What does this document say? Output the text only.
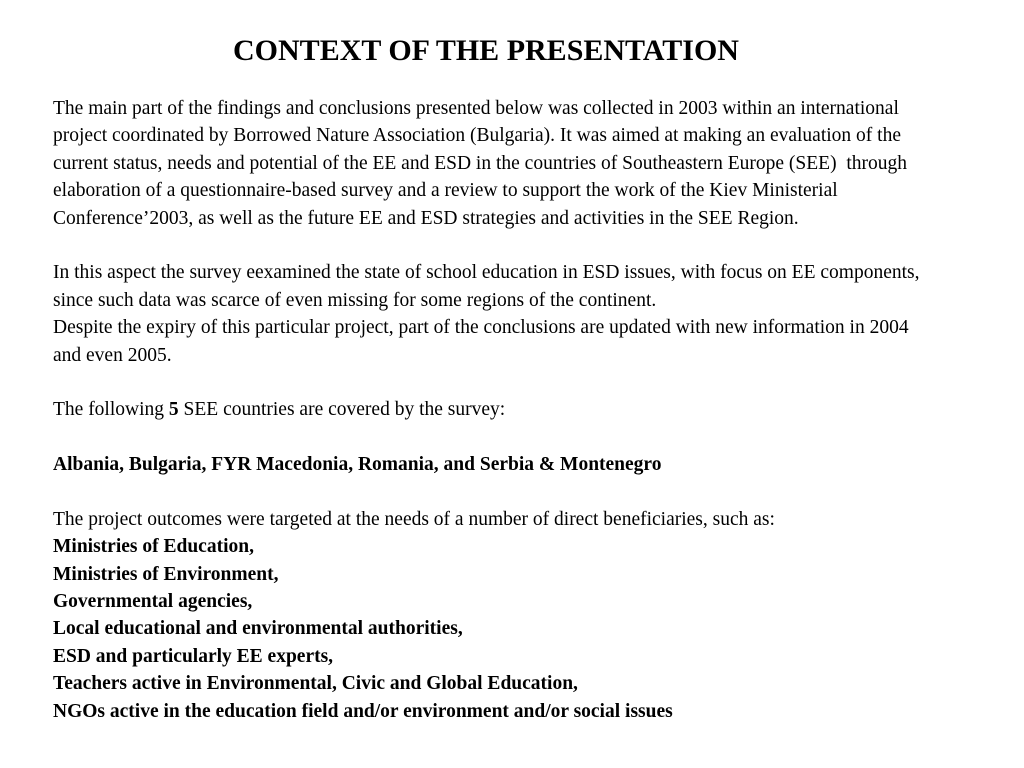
CONTEXT OF THE PRESENTATION
The main part of the findings and conclusions presented below was collected in 2003 within an international
project coordinated by Borrowed Nature Association (Bulgaria). It was aimed at making an evaluation of the
current status, needs and potential of the EE and ESD in the countries of Southeastern Europe (SEE)  through
elaboration of a questionnaire-based survey and a review to support the work of the Kiev Ministerial
Conference’2003, as well as the future EE and ESD strategies and activities in the SEE Region.
In this aspect the survey eexamined the state of school education in ESD issues, with focus on EE components,
since such data was scarce of even missing for some regions of the continent.
Despite the expiry of this particular project, part of the conclusions are updated with new information in 2004
and even 2005.
The following 5 SEE countries are covered by the survey:
Albania, Bulgaria, FYR Macedonia, Romania, and Serbia & Montenegro
The project outcomes were targeted at the needs of a number of direct beneficiaries, such as:
Ministries of Education,
Ministries of Environment,
Governmental agencies,
Local educational and environmental authorities,
ESD and particularly EE experts,
Teachers active in Environmental, Civic and Global Education,
NGOs active in the education field and/or environment and/or social issues
